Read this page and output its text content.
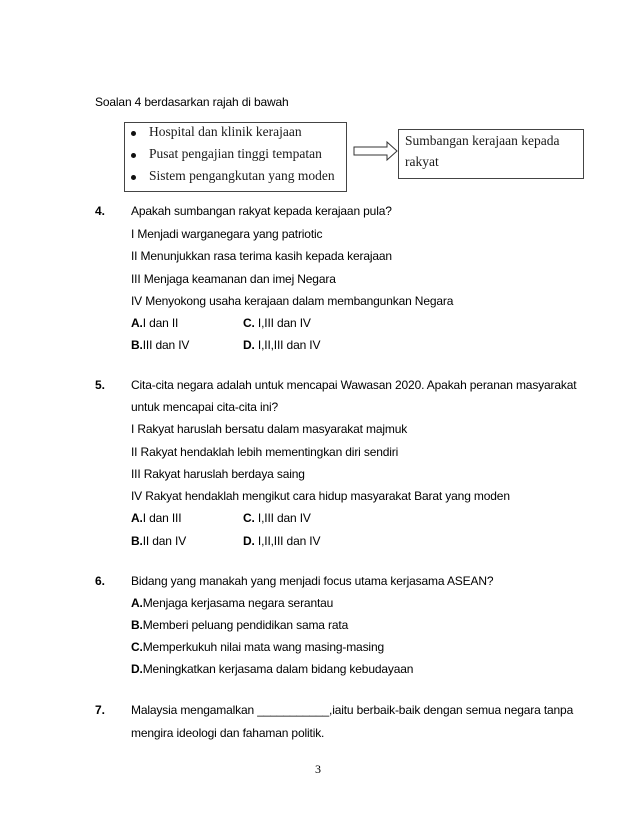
Soalan 4 berdasarkan rajah di bawah
Hospital dan klinik kerajaan
Pusat pengajian tinggi tempatan
Sistem pengangkutan yang moden
Sumbangan kerajaan kepada
rakyat
4. Apakah sumbangan rakyat kepada kerajaan pula?
I Menjadi warganegara yang patriotic
II Menunjukkan rasa terima kasih kepada kerajaan
III Menjaga keamanan dan imej Negara
IV Menyokong usaha kerajaan dalam membangunkan Negara
A.I dan II	C. I,III dan IV
B.III dan IV	D. I,II,III dan IV
5. Cita-cita negara adalah untuk mencapai Wawasan 2020. Apakah peranan masyarakat
untuk mencapai cita-cita ini?
I Rakyat haruslah bersatu dalam masyarakat majmuk
II Rakyat hendaklah lebih mementingkan diri sendiri
III Rakyat haruslah berdaya saing
IV Rakyat hendaklah mengikut cara hidup masyarakat Barat yang moden
A.I dan III	C. I,III dan IV
B.II dan IV	D. I,II,III dan IV
6. Bidang yang manakah yang menjadi focus utama kerjasama ASEAN?
A.Menjaga kerjasama negara serantau
B.Memberi peluang pendidikan sama rata
C.Memperkukuh nilai mata wang masing-masing
D.Meningkatkan kerjasama dalam bidang kebudayaan
7. Malaysia mengamalkan ___________,iaitu berbaik-baik dengan semua negara tanpa
mengira ideologi dan fahaman politik.
3
